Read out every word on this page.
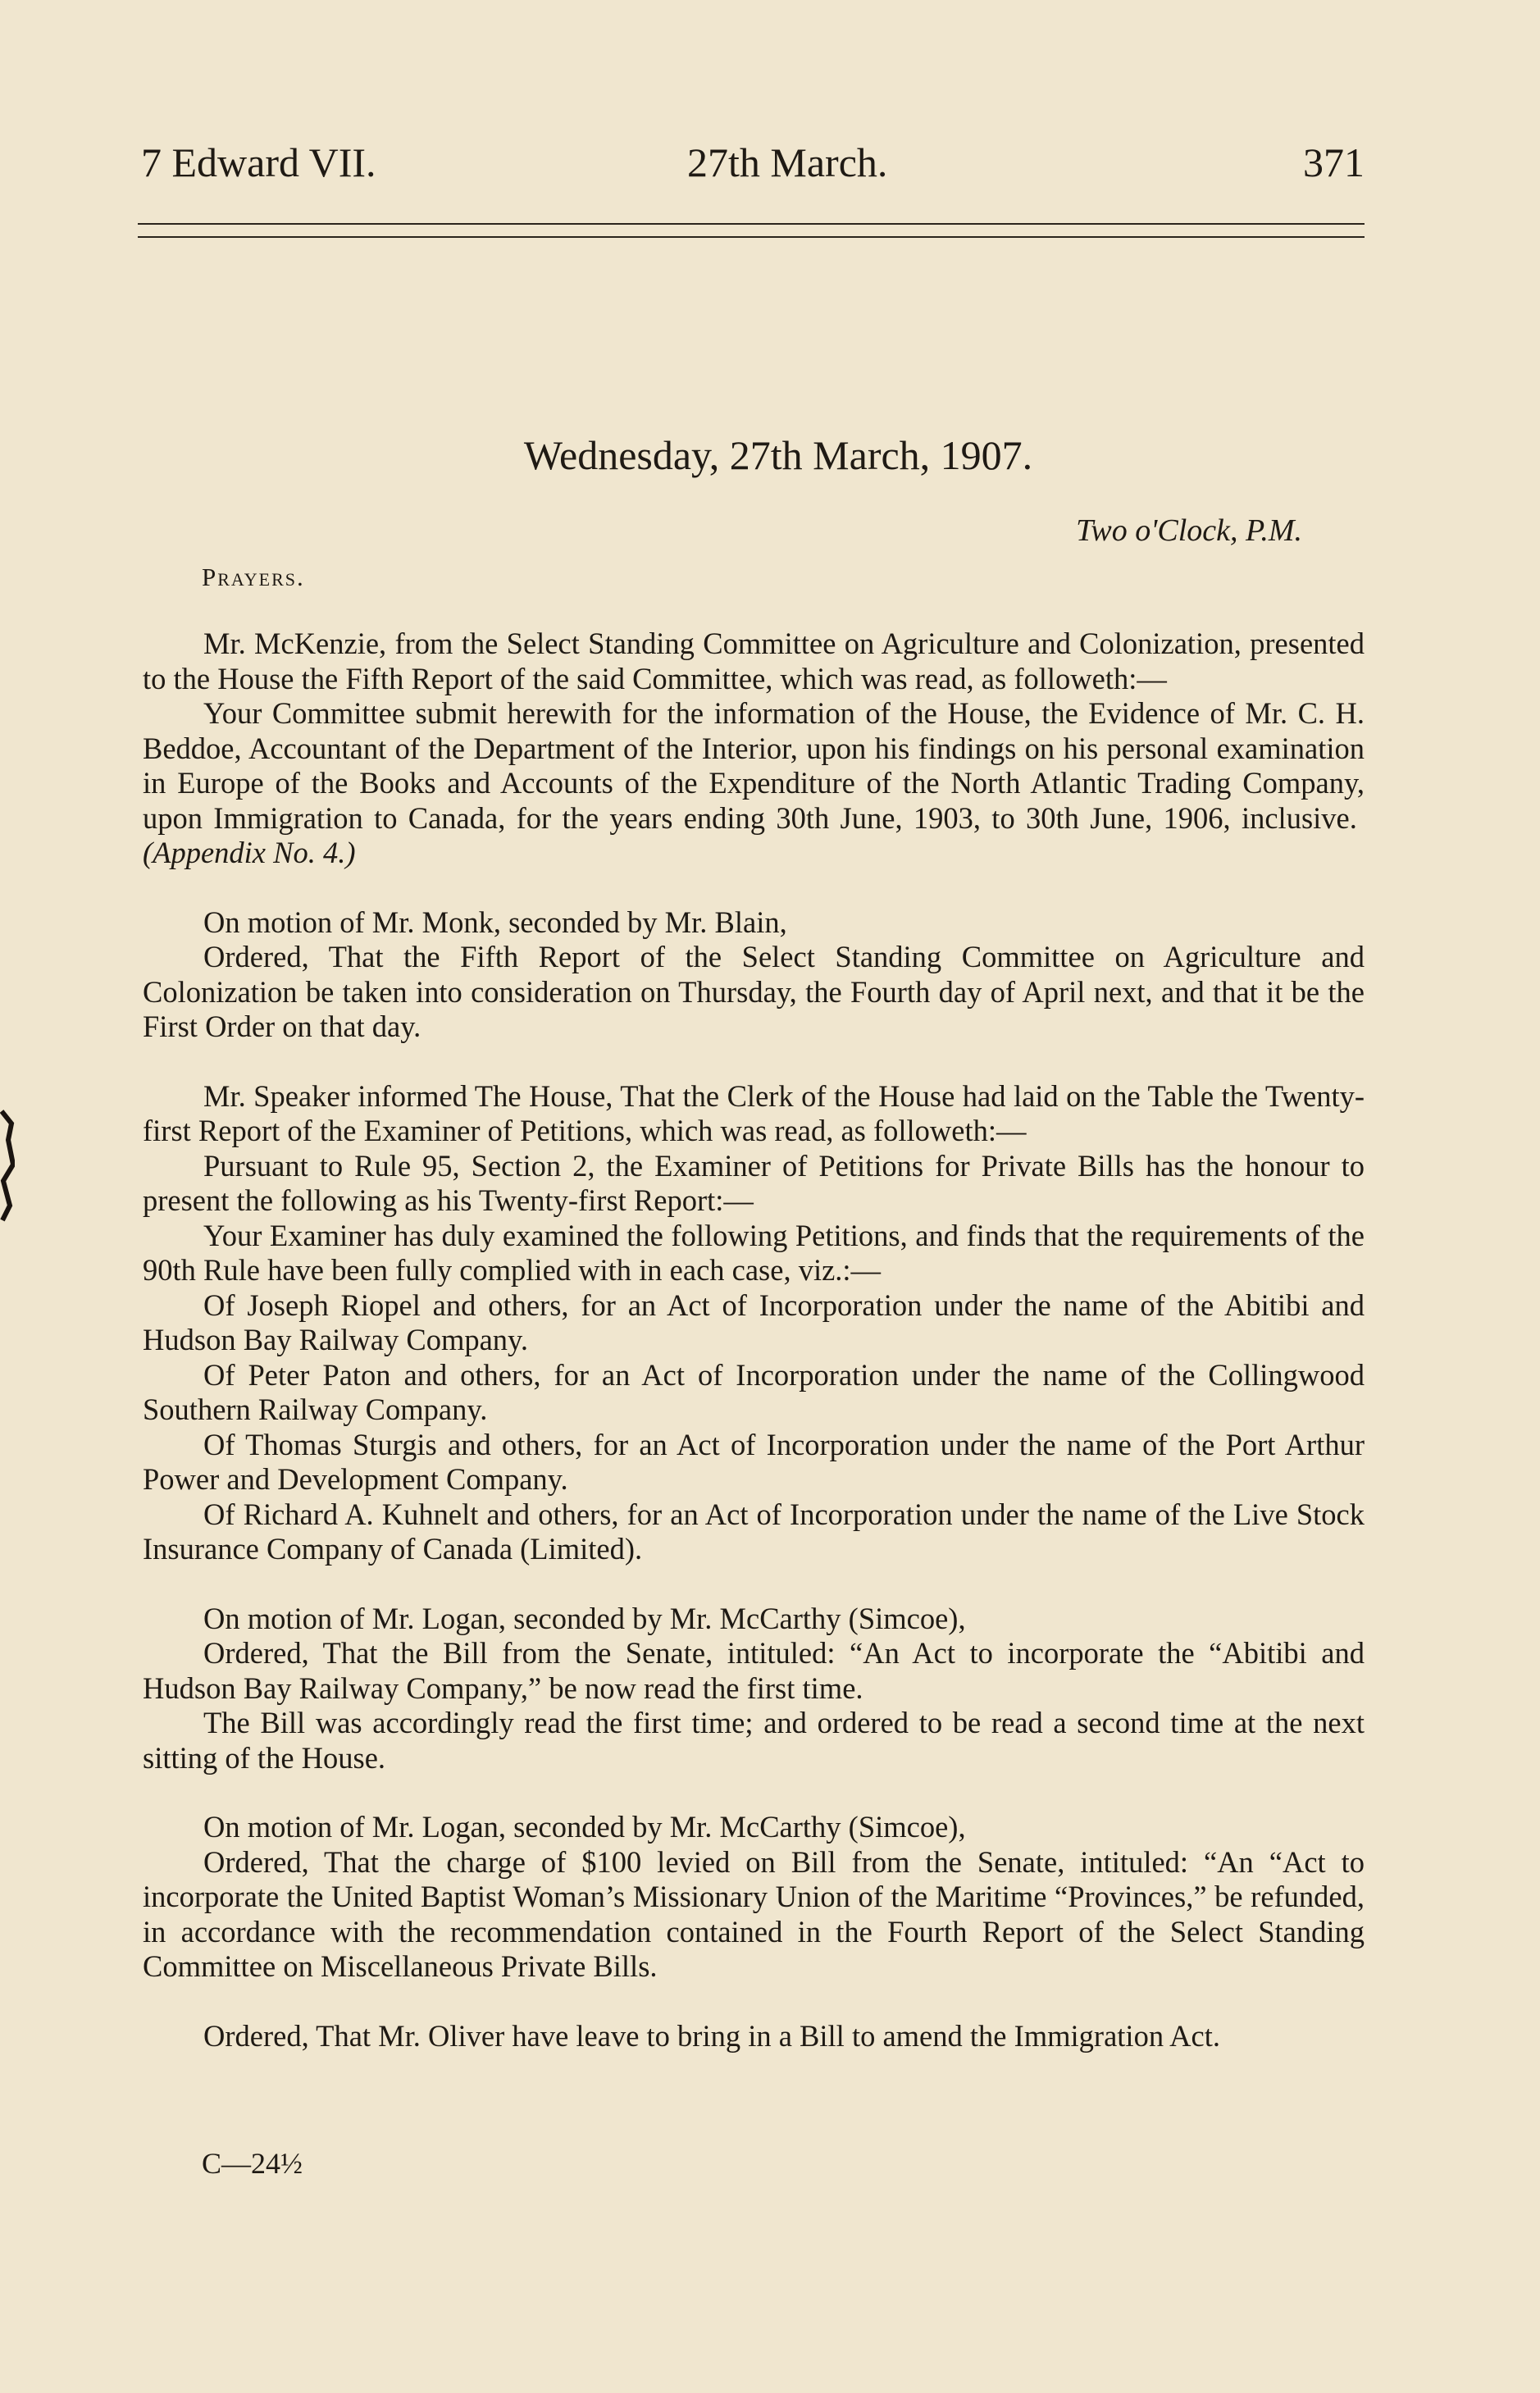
7 Edward VII.	27th March.	371
Wednesday, 27th March, 1907.
Two o'Clock, P.M.
Prayers.

Mr. McKenzie, from the Select Standing Committee on Agriculture and Colonization, presented to the House the Fifth Report of the said Committee, which was read, as followeth:—

Your Committee submit herewith for the information of the House, the Evidence of Mr. C. H. Beddoe, Accountant of the Department of the Interior, upon his findings on his personal examination in Europe of the Books and Accounts of the Expenditure of the North Atlantic Trading Company, upon Immigration to Canada, for the years ending 30th June, 1903, to 30th June, 1906, inclusive.  (Appendix No. 4.)

On motion of Mr. Monk, seconded by Mr. Blain,

Ordered, That the Fifth Report of the Select Standing Committee on Agriculture and Colonization be taken into consideration on Thursday, the Fourth day of April next, and that it be the First Order on that day.

Mr. Speaker informed The House, That the Clerk of the House had laid on the Table the Twenty-first Report of the Examiner of Petitions, which was read, as followeth:—

Pursuant to Rule 95, Section 2, the Examiner of Petitions for Private Bills has the honour to present the following as his Twenty-first Report:—

Your Examiner has duly examined the following Petitions, and finds that the requirements of the 90th Rule have been fully complied with in each case, viz.:—

Of Joseph Riopel and others, for an Act of Incorporation under the name of the Abitibi and Hudson Bay Railway Company.

Of Peter Paton and others, for an Act of Incorporation under the name of the Collingwood Southern Railway Company.

Of Thomas Sturgis and others, for an Act of Incorporation under the name of the Port Arthur Power and Development Company.

Of Richard A. Kuhnelt and others, for an Act of Incorporation under the name of the Live Stock Insurance Company of Canada (Limited).

On motion of Mr. Logan, seconded by Mr. McCarthy (Simcoe),

Ordered, That the Bill from the Senate, intituled: “An Act to incorporate the “Abitibi and Hudson Bay Railway Company,” be now read the first time.

The Bill was accordingly read the first time; and ordered to be read a second time at the next sitting of the House.

On motion of Mr. Logan, seconded by Mr. McCarthy (Simcoe),

Ordered, That the charge of $100 levied on Bill from the Senate, intituled: “An “Act to incorporate the United Baptist Woman’s Missionary Union of the Maritime “Provinces,” be refunded, in accordance with the recommendation contained in the Fourth Report of the Select Standing Committee on Miscellaneous Private Bills.

Ordered, That Mr. Oliver have leave to bring in a Bill to amend the Immigration Act.

C—24½
